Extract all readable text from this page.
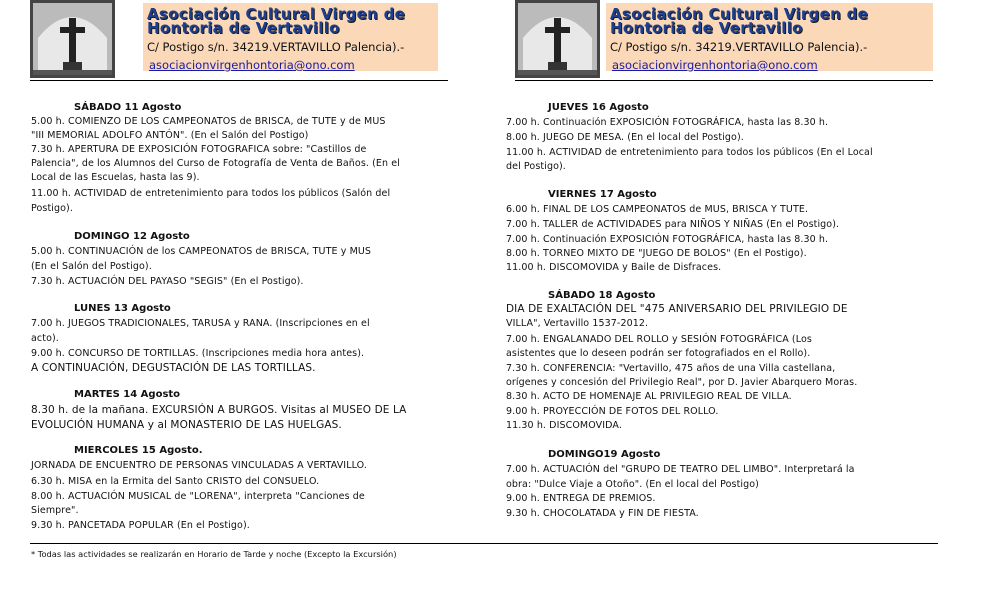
Asociación Cultural Virgen de
Hontoria de Vertavillo
C/ Postigo s/n. 34219.VERTAVILLO Palencia).-
asociacionvirgenhontoria@ono.com
Asociación Cultural Virgen de
Hontoria de Vertavillo
C/ Postigo s/n. 34219.VERTAVILLO Palencia).-
asociacionvirgenhontoria@ono.com
SÁBADO 11 Agosto
5.00 h. COMIENZO DE LOS CAMPEONATOS de BRISCA, de TUTE y de MUS
"III MEMORIAL ADOLFO ANTÓN". (En el Salón del Postigo)
7.30 h. APERTURA DE EXPOSICIÓN FOTOGRAFICA sobre: "Castillos de
Palencia", de los Alumnos del Curso de Fotografía de Venta de Baños. (En el
Local de las Escuelas, hasta las 9).
11.00 h. ACTIVIDAD de entretenimiento para todos los públicos (Salón del
Postigo).
DOMINGO 12 Agosto
5.00 h. CONTINUACIÓN de los CAMPEONATOS de BRISCA, TUTE y MUS
(En el Salón del Postigo).
7.30 h. ACTUACIÓN DEL PAYASO "SEGIS" (En el Postigo).
LUNES 13 Agosto
7.00 h. JUEGOS TRADICIONALES, TARUSA y RANA. (Inscripciones en el
acto).
9.00 h. CONCURSO DE TORTILLAS. (Inscripciones media hora antes).
A CONTINUACIÓN, DEGUSTACIÓN DE LAS TORTILLAS.
MARTES 14 Agosto
8.30 h. de la mañana. EXCURSIÓN A BURGOS. Visitas al MUSEO DE LA
EVOLUCIÓN HUMANA y al MONASTERIO DE LAS HUELGAS.
MIERCOLES 15 Agosto.
JORNADA DE ENCUENTRO DE PERSONAS VINCULADAS A VERTAVILLO.
6.30 h. MISA en la Ermita del Santo CRISTO del CONSUELO.
8.00 h. ACTUACIÓN MUSICAL de "LORENA", interpreta "Canciones de
Siempre".
9.30 h. PANCETADA POPULAR (En el Postigo).
JUEVES 16 Agosto
7.00 h. Continuación EXPOSICIÓN FOTOGRÁFICA, hasta las 8.30 h.
8.00 h. JUEGO DE MESA. (En el local del Postigo).
11.00 h. ACTIVIDAD de entretenimiento para todos los públicos (En el Local
del Postigo).
VIERNES 17 Agosto
6.00 h. FINAL DE LOS CAMPEONATOS de MUS, BRISCA Y TUTE.
7.00 h. TALLER de ACTIVIDADES para NIÑOS Y NIÑAS (En el Postigo).
7.00 h. Continuación EXPOSICIÓN FOTOGRÁFICA, hasta las 8.30 h.
8.00 h. TORNEO MIXTO DE "JUEGO DE BOLOS" (En el Postigo).
11.00 h. DISCOMOVIDA y Baile de Disfraces.
SÁBADO 18 Agosto
DIA DE EXALTACIÓN DEL "475 ANIVERSARIO DEL PRIVILEGIO DE
VILLA", Vertavillo 1537-2012.
7.00 h. ENGALANADO DEL ROLLO y SESIÓN FOTOGRÁFICA (Los
asistentes que lo deseen podrán ser fotografiados en el Rollo).
7.30 h. CONFERENCIA: "Vertavillo, 475 años de una Villa castellana,
orígenes y concesión del Privilegio Real", por D. Javier Abarquero Moras.
8.30 h. ACTO DE HOMENAJE AL PRIVILEGIO REAL DE VILLA.
9.00 h. PROYECCIÓN DE FOTOS DEL ROLLO.
11.30 h. DISCOMOVIDA.
DOMINGO19 Agosto
7.00 h. ACTUACIÓN del "GRUPO DE TEATRO DEL LIMBO". Interpretará la
obra: "Dulce Viaje a Otoño". (En el local del Postigo)
9.00 h. ENTREGA DE PREMIOS.
9.30 h. CHOCOLATADA y FIN DE FIESTA.
* Todas las actividades se realizarán en Horario de Tarde y noche (Excepto la Excursión)
